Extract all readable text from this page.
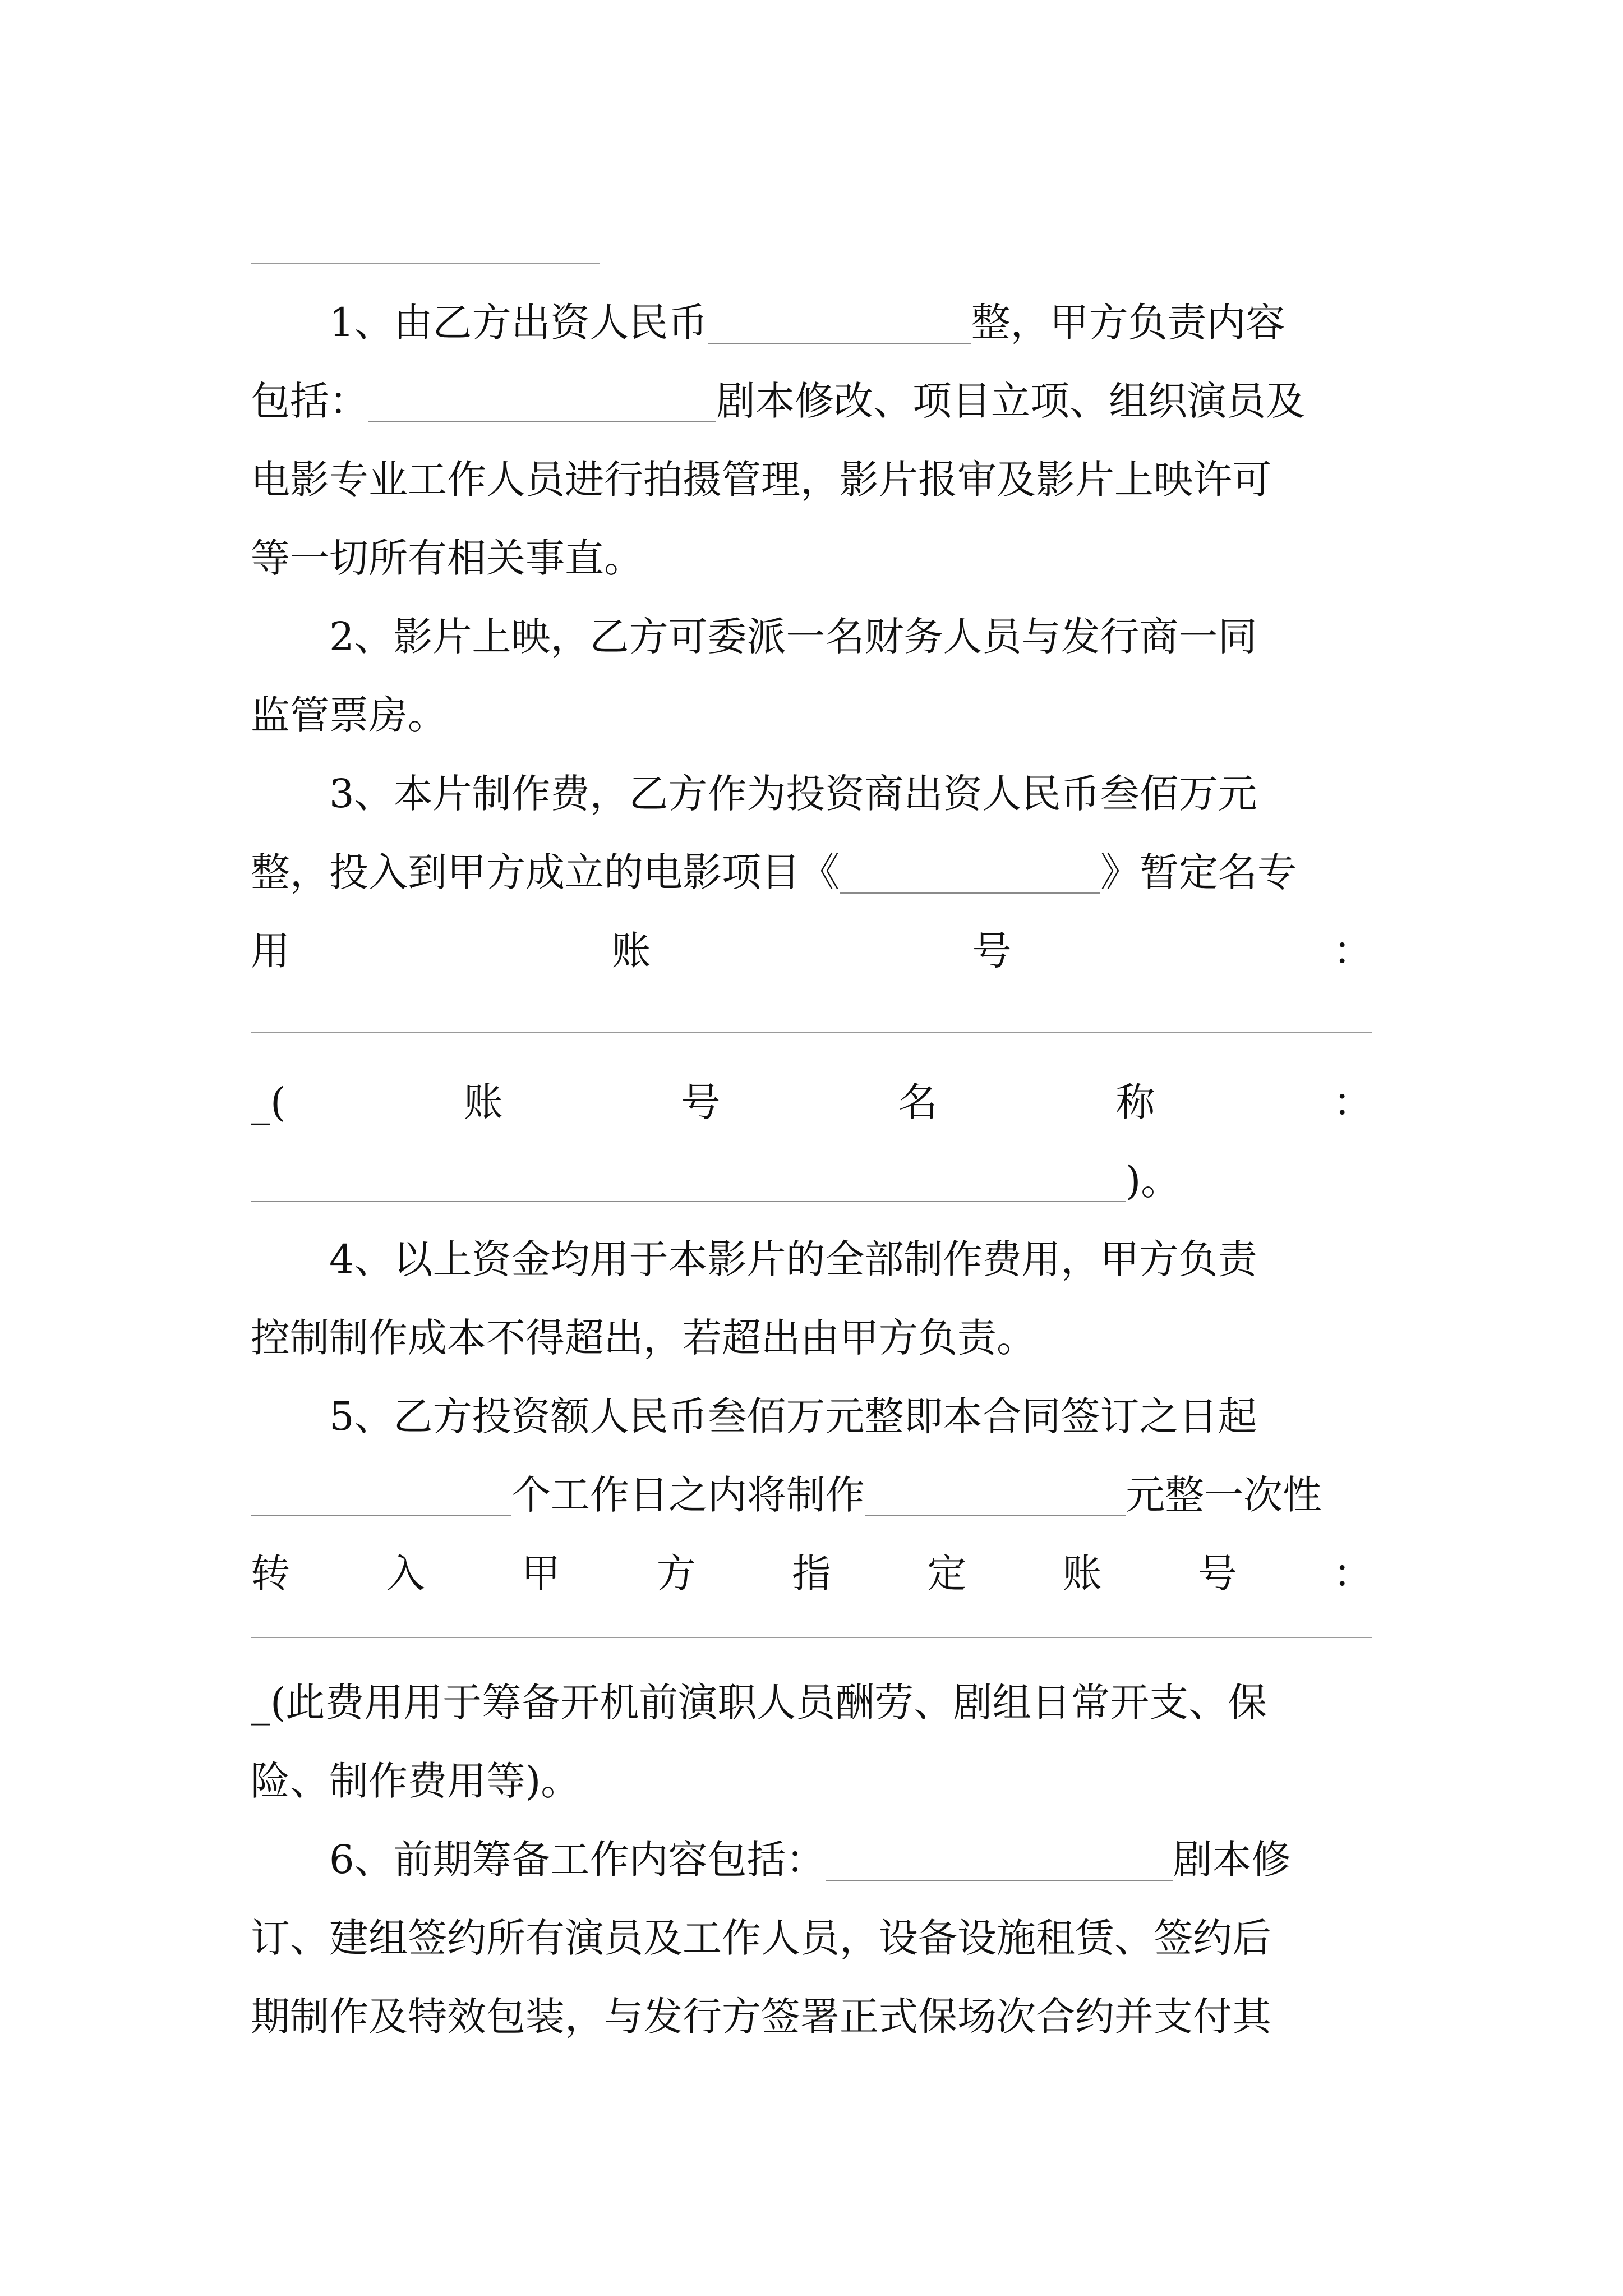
1、由乙方出资人民币	整，甲方负责内容
包括：	剧本修改、项目立项、组织演员及
电影专业工作人员进行拍摄管理，影片报审及影片上映许可
等一切所有相关事直。
2、影片上映，乙方可委派一名财务人员与发行商一同
监管票房。
3、本片制作费，乙方作为投资商出资人民币叁佰万元
整，投入到甲方成立的电影项目《	》暂定名专
用	账	号	：
_(	账	号	名	称	：
)。
4、以上资金均用于本影片的全部制作费用，甲方负责
控制制作成本不得超出，若超出由甲方负责。
5、乙方投资额人民币叁佰万元整即本合同签订之日起
个工作日之内将制作	元整一次性
转 入 甲 方 指 定 账 号 ：
_(此费用用于筹备开机前演职人员酬劳、剧组日常开支、保
险、制作费用等)。
6、前期筹备工作内容包括：	剧本修
订、建组签约所有演员及工作人员，设备设施租赁、签约后
期制作及特效包装，与发行方签署正式保场次合约并支付其
